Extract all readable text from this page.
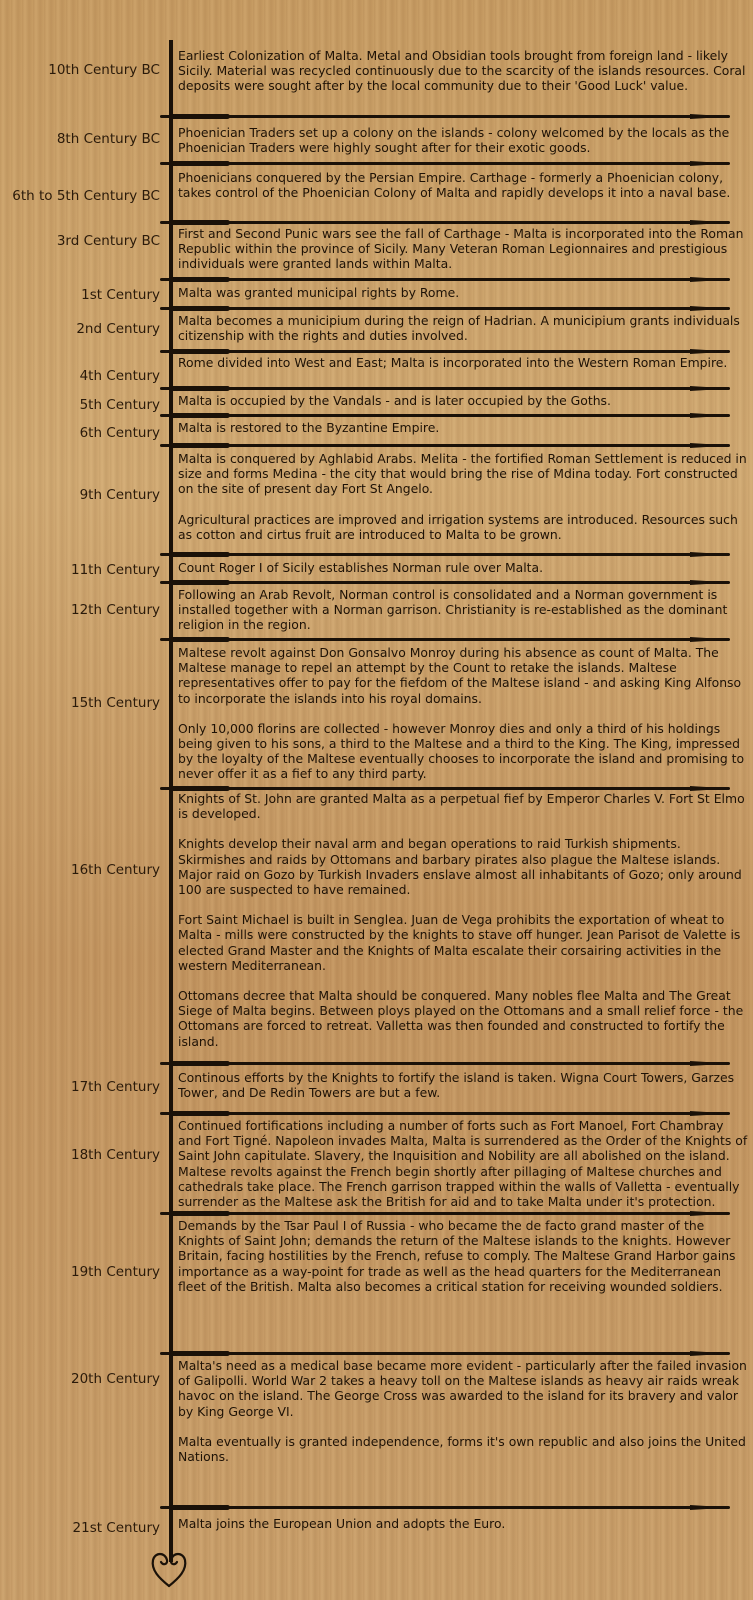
10th Century BC

Earliest Colonization of Malta. Metal and Obsidian tools brought from foreign land - likely Sicily. Material was recycled continuously due to the scarcity of the islands resources. Coral deposits were sought after by the local community due to their 'Good Luck' value.

8th Century BC Phoenician Traders set up a colony on the islands - colony welcomed by the locals as the Phoenician Traders were highly sought after for their exotic goods.

6th to 5th Century BC

Phoenicians conquered by the Persian Empire. Carthage - formerly a Phoenician colony, takes control of the Phoenician Colony of Malta and rapidly develops it into a naval base.

3rd Century BC First and Second Punic wars see the fall of Carthage - Malta is incorporated into the Roman Republic within the province of Sicily. Many Veteran Roman Legionnaires and prestigious individuals were granted lands within Malta.

1st Century Malta was granted municipal rights by Rome.

2nd Century

Malta becomes a municipium during the reign of Hadrian. A municipium grants individuals citizenship with the rights and duties involved.

4th Century

Rome divided into West and East; Malta is incorporated into the Western Roman Empire.

5th Century Malta is occupied by the Vandals - and is later occupied by the Goths.

6th Century Malta is restored to the Byzantine Empire.

9th Century

Malta is conquered by Aghlabid Arabs. Melita - the fortified Roman Settlement is reduced in size and forms Medina - the city that would bring the rise of Mdina today. Fort constructed on the site of present day Fort St Angelo.

Agricultural practices are improved and irrigation systems are introduced. Resources such as cotton and cirtus fruit are introduced to Malta to be grown.

11th Century Count Roger I of Sicily establishes Norman rule over Malta.

12th Century

Following an Arab Revolt, Norman control is consolidated and a Norman government is installed together with a Norman garrison. Christianity is re-established as the dominant religion in the region.

15th Century

Maltese revolt against Don Gonsalvo Monroy during his absence as count of Malta. The Maltese manage to repel an attempt by the Count to retake the islands. Maltese representatives offer to pay for the fiefdom of the Maltese island - and asking King Alfonso to incorporate the islands into his royal domains.

Only 10,000 florins are collected - however Monroy dies and only a third of his holdings being given to his sons, a third to the Maltese and a third to the King. The King, impressed by the loyalty of the Maltese eventually chooses to incorporate the island and promising to never offer it as a fief to any third party.

16th Century

Knights of St. John are granted Malta as a perpetual fief by Emperor Charles V. Fort St Elmo is developed.

Knights develop their naval arm and began operations to raid Turkish shipments. Skirmishes and raids by Ottomans and barbary pirates also plague the Maltese islands. Major raid on Gozo by Turkish Invaders enslave almost all inhabitants of Gozo; only around 100 are suspected to have remained.

Fort Saint Michael is built in Senglea. Juan de Vega prohibits the exportation of wheat to Malta - mills were constructed by the knights to stave off hunger. Jean Parisot de Valette is elected Grand Master and the Knights of Malta escalate their corsairing activities in the western Mediterranean.

Ottomans decree that Malta should be conquered. Many nobles flee Malta and The Great Siege of Malta begins. Between ploys played on the Ottomans and a small relief force - the Ottomans are forced to retreat. Valletta was then founded and constructed to fortify the island.

17th Century

Continous efforts by the Knights to fortify the island is taken. Wigna Court Towers, Garzes Tower, and De Redin Towers are but a few.

18th Century

Continued fortifications including a number of forts such as Fort Manoel, Fort Chambray and Fort Tigné. Napoleon invades Malta, Malta is surrendered as the Order of the Knights of Saint John capitulate. Slavery, the Inquisition and Nobility are all abolished on the island. Maltese revolts against the French begin shortly after pillaging of Maltese churches and cathedrals take place. The French garrison trapped within the walls of Valletta - eventually surrender as the Maltese ask the British for aid and to take Malta under it's protection.

19th Century

Demands by the Tsar Paul I of Russia - who became the de facto grand master of the Knights of Saint John; demands the return of the Maltese islands to the knights. However Britain, facing hostilities by the French, refuse to comply. The Maltese Grand Harbor gains importance as a way-point for trade as well as the head quarters for the Mediterranean fleet of the British. Malta also becomes a critical station for receiving wounded soldiers.

20th Century

Malta's need as a medical base became more evident - particularly after the failed invasion of Galipolli. World War 2 takes a heavy toll on the Maltese islands as heavy air raids wreak havoc on the island. The George Cross was awarded to the island for its bravery and valor by King George VI.

Malta eventually is granted independence, forms it's own republic and also joins the United Nations.

21st Century Malta joins the European Union and adopts the Euro.
